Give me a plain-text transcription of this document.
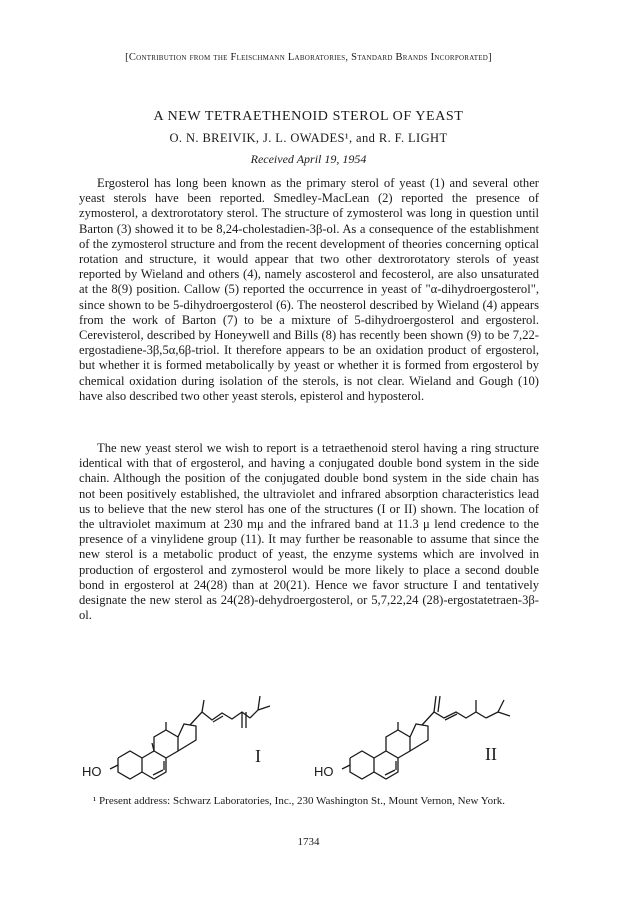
[Contribution from the Fleischmann Laboratories, Standard Brands Incorporated]
A NEW TETRAETHENOID STEROL OF YEAST
O. N. BREIVIK, J. L. OWADES¹, and R. F. LIGHT
Received April 19, 1954

Ergosterol has long been known as the primary sterol of yeast (1) and several other yeast sterols have been reported. Smedley-MacLean (2) reported the presence of zymosterol, a dextrorotatory sterol. The structure of zymosterol was long in question until Barton (3) showed it to be 8,24-cholestadien-3β-ol. As a consequence of the establishment of the zymosterol structure and from the recent development of theories concerning optical rotation and structure, it would appear that two other dextrorotatory sterols of yeast reported by Wieland and others (4), namely ascosterol and fecosterol, are also unsaturated at the 8(9) position. Callow (5) reported the occurrence in yeast of "α-dihydroergosterol", since shown to be 5-dihydroergosterol (6). The neosterol described by Wieland (4) appears from the work of Barton (7) to be a mixture of 5-dihydroergosterol and ergosterol. Cerevisterol, described by Honeywell and Bills (8) has recently been shown (9) to be 7,22-ergostadiene-3β,5α,6β-triol. It therefore appears to be an oxidation product of ergosterol, but whether it is formed metabolically by yeast or whether it is formed from ergosterol by chemical oxidation during isolation of the sterols, is not clear. Wieland and Gough (10) have also described two other yeast sterols, episterol and hyposterol.

The new yeast sterol we wish to report is a tetraethenoid sterol having a ring structure identical with that of ergosterol, and having a conjugated double bond system in the side chain. Although the position of the conjugated double bond system in the side chain has not been positively established, the ultraviolet and infrared absorption characteristics lead us to believe that the new sterol has one of the structures (I or II) shown. The location of the ultraviolet maximum at 230 mμ and the infrared band at 11.3 μ lend credence to the presence of a vinylidene group (11). It may further be reasonable to assume that since the new sterol is a metabolic product of yeast, the enzyme systems which are involved in production of ergosterol and zymosterol would be more likely to place a second double bond in ergosterol at 24(28) than at 20(21). Hence we favor structure I and tentatively designate the new sterol as 24(28)-dehydroergosterol, or 5,7,22,24 (28)-ergostatetraen-3β-ol.

HO	HO
I	II
¹ Present address: Schwarz Laboratories, Inc., 230 Washington St., Mount Vernon, New York.
1734
